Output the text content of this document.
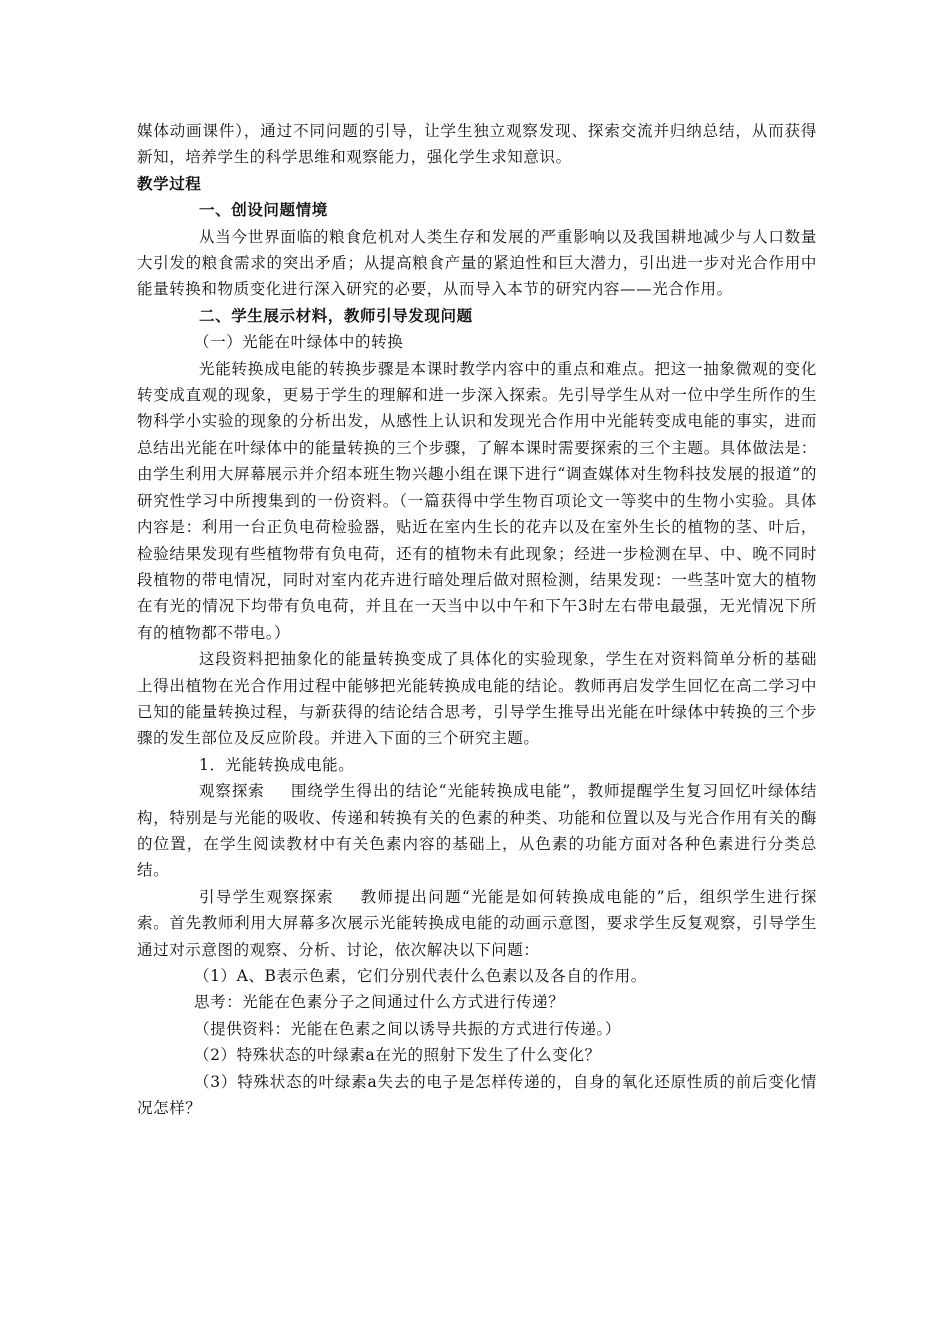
媒体动画课件），通过不同问题的引导，让学生独立观察发现、探索交流并归纳总结，从而获得新知，培养学生的科学思维和观察能力，强化学生求知意识。

教学过程

一、创设问题情境

从当今世界面临的粮食危机对人类生存和发展的严重影响以及我国耕地减少与人口数量大引发的粮食需求的突出矛盾；从提高粮食产量的紧迫性和巨大潜力，引出进一步对光合作用中能量转换和物质变化进行深入研究的必要，从而导入本节的研究内容——光合作用。

二、学生展示材料，教师引导发现问题

（一）光能在叶绿体中的转换

光能转换成电能的转换步骤是本课时教学内容中的重点和难点。把这一抽象微观的变化转变成直观的现象，更易于学生的理解和进一步深入探索。先引导学生从对一位中学生所作的生物科学小实验的现象的分析出发，从感性上认识和发现光合作用中光能转变成电能的事实，进而总结出光能在叶绿体中的能量转换的三个步骤，了解本课时需要探索的三个主题。具体做法是：由学生利用大屏幕展示并介绍本班生物兴趣小组在课下进行“调查媒体对生物科技发展的报道”的研究性学习中所搜集到的一份资料。（一篇获得中学生物百项论文一等奖中的生物小实验。具体内容是：利用一台正负电荷检验器，贴近在室内生长的花卉以及在室外生长的植物的茎、叶后，检验结果发现有些植物带有负电荷，还有的植物未有此现象；经进一步检测在早、中、晚不同时段植物的带电情况，同时对室内花卉进行暗处理后做对照检测，结果发现：一些茎叶宽大的植物在有光的情况下均带有负电荷，并且在一天当中以中午和下午3时左右带电最强，无光情况下所有的植物都不带电。）

这段资料把抽象化的能量转换变成了具体化的实验现象，学生在对资料简单分析的基础上得出植物在光合作用过程中能够把光能转换成电能的结论。教师再启发学生回忆在高二学习中已知的能量转换过程，与新获得的结论结合思考，引导学生推导出光能在叶绿体中转换的三个步骤的发生部位及反应阶段。并进入下面的三个研究主题。

1．光能转换成电能。

观察探索 围绕学生得出的结论“光能转换成电能”，教师提醒学生复习回忆叶绿体结构，特别是与光能的吸收、传递和转换有关的色素的种类、功能和位置以及与光合作用有关的酶的位置，在学生阅读教材中有关色素内容的基础上，从色素的功能方面对各种色素进行分类总结。

引导学生观察探索 教师提出问题“光能是如何转换成电能的”后，组织学生进行探索。首先教师利用大屏幕多次展示光能转换成电能的动画示意图，要求学生反复观察，引导学生通过对示意图的观察、分析、讨论，依次解决以下问题：

（1）A、B表示色素，它们分别代表什么色素以及各自的作用。

思考：光能在色素分子之间通过什么方式进行传递？

（提供资料：光能在色素之间以诱导共振的方式进行传递。）

（2）特殊状态的叶绿素a在光的照射下发生了什么变化？

（3）特殊状态的叶绿素a失去的电子是怎样传递的，自身的氧化还原性质的前后变化情况怎样？
